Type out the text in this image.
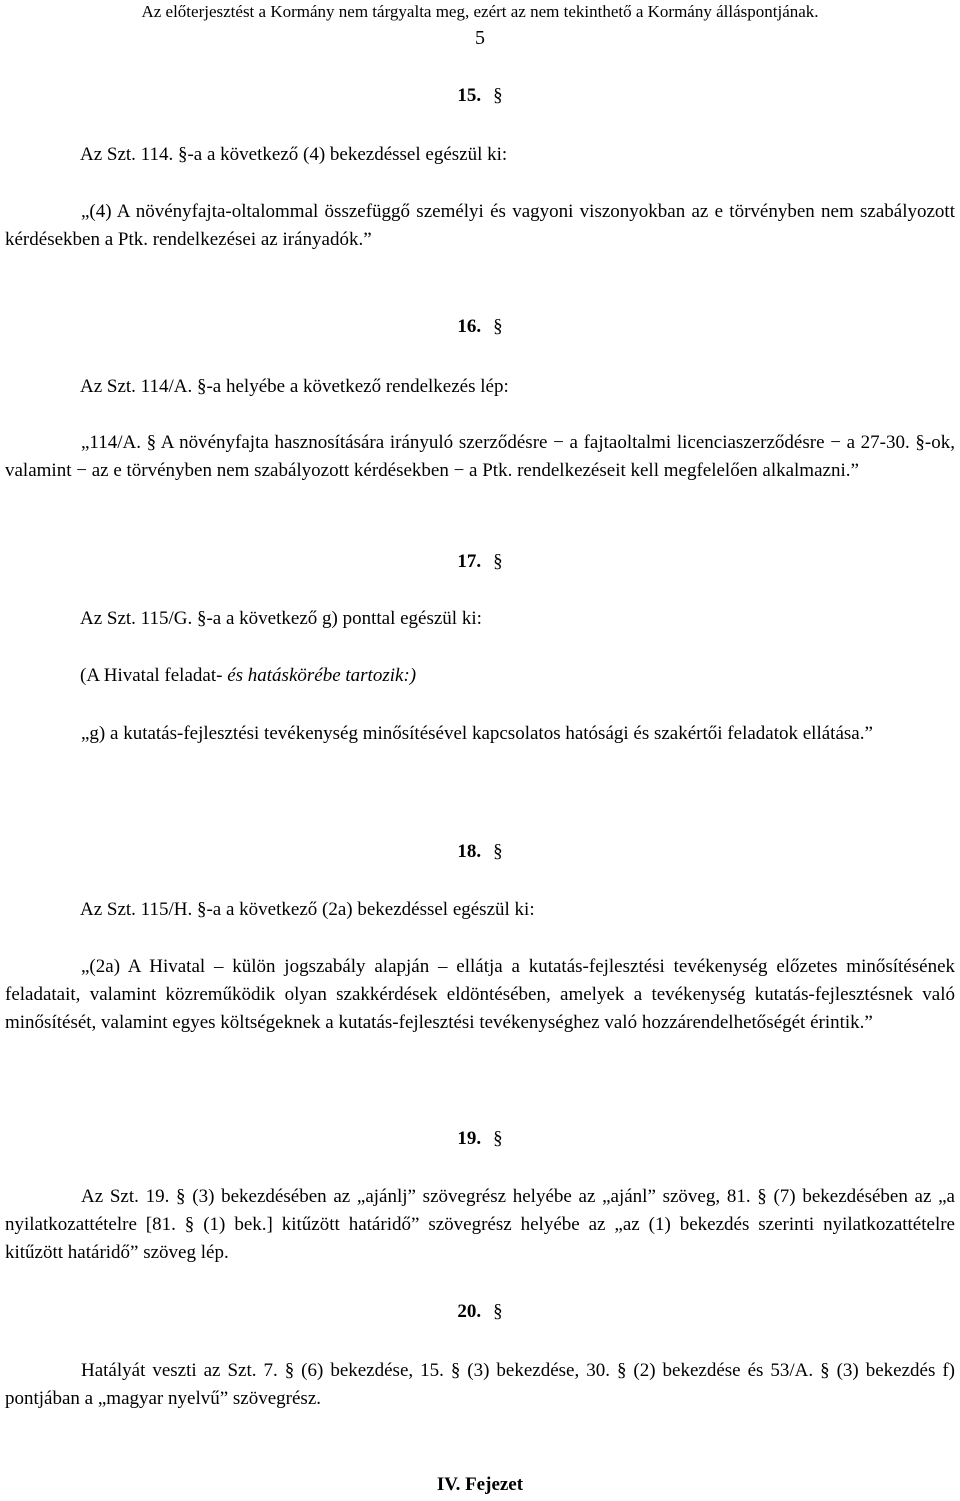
Az előterjesztést a Kormány nem tárgyalta meg, ezért az nem tekinthető a Kormány álláspontjának.
5
15. §
Az Szt. 114. §-a a következő (4) bekezdéssel egészül ki:
„(4) A növényfajta-oltalommal összefüggő személyi és vagyoni viszonyokban az e törvényben nem szabályozott kérdésekben a Ptk. rendelkezései az irányadók.”
16. §
Az Szt. 114/A. §-a helyébe a következő rendelkezés lép:
„114/A. § A növényfajta hasznosítására irányuló szerződésre − a fajtaoltalmi licenciaszerződésre − a 27-30. §-ok, valamint − az e törvényben nem szabályozott kérdésekben − a Ptk. rendelkezéseit kell megfelelően alkalmazni.”
17. §
Az Szt. 115/G. §-a a következő g) ponttal egészül ki:
(A Hivatal feladat- és hatáskörébe tartozik:)
„g) a kutatás-fejlesztési tevékenység minősítésével kapcsolatos hatósági és szakértői feladatok ellátása.”
18. §
Az Szt. 115/H. §-a a következő (2a) bekezdéssel egészül ki:
„(2a) A Hivatal – külön jogszabály alapján – ellátja a kutatás-fejlesztési tevékenység előzetes minősítésének feladatait, valamint közreműködik olyan szakkérdések eldöntésében, amelyek a tevékenység kutatás-fejlesztésnek való minősítését, valamint egyes költségeknek a kutatás-fejlesztési tevékenységhez való hozzárendelhetőségét érintik.”
19. §
Az Szt. 19. § (3) bekezdésében az „ajánlj” szövegrész helyébe az „ajánl” szöveg, 81. § (7) bekezdésében az „a nyilatkozattételre [81. § (1) bek.] kitűzött határidő” szövegrész helyébe az „az (1) bekezdés szerinti nyilatkozattételre kitűzött határidő” szöveg lép.
20. §
Hatályát veszti az Szt. 7. § (6) bekezdése, 15. § (3) bekezdése, 30. § (2) bekezdése és 53/A. § (3) bekezdés f) pontjában a „magyar nyelvű” szövegrész.
IV. Fejezet
